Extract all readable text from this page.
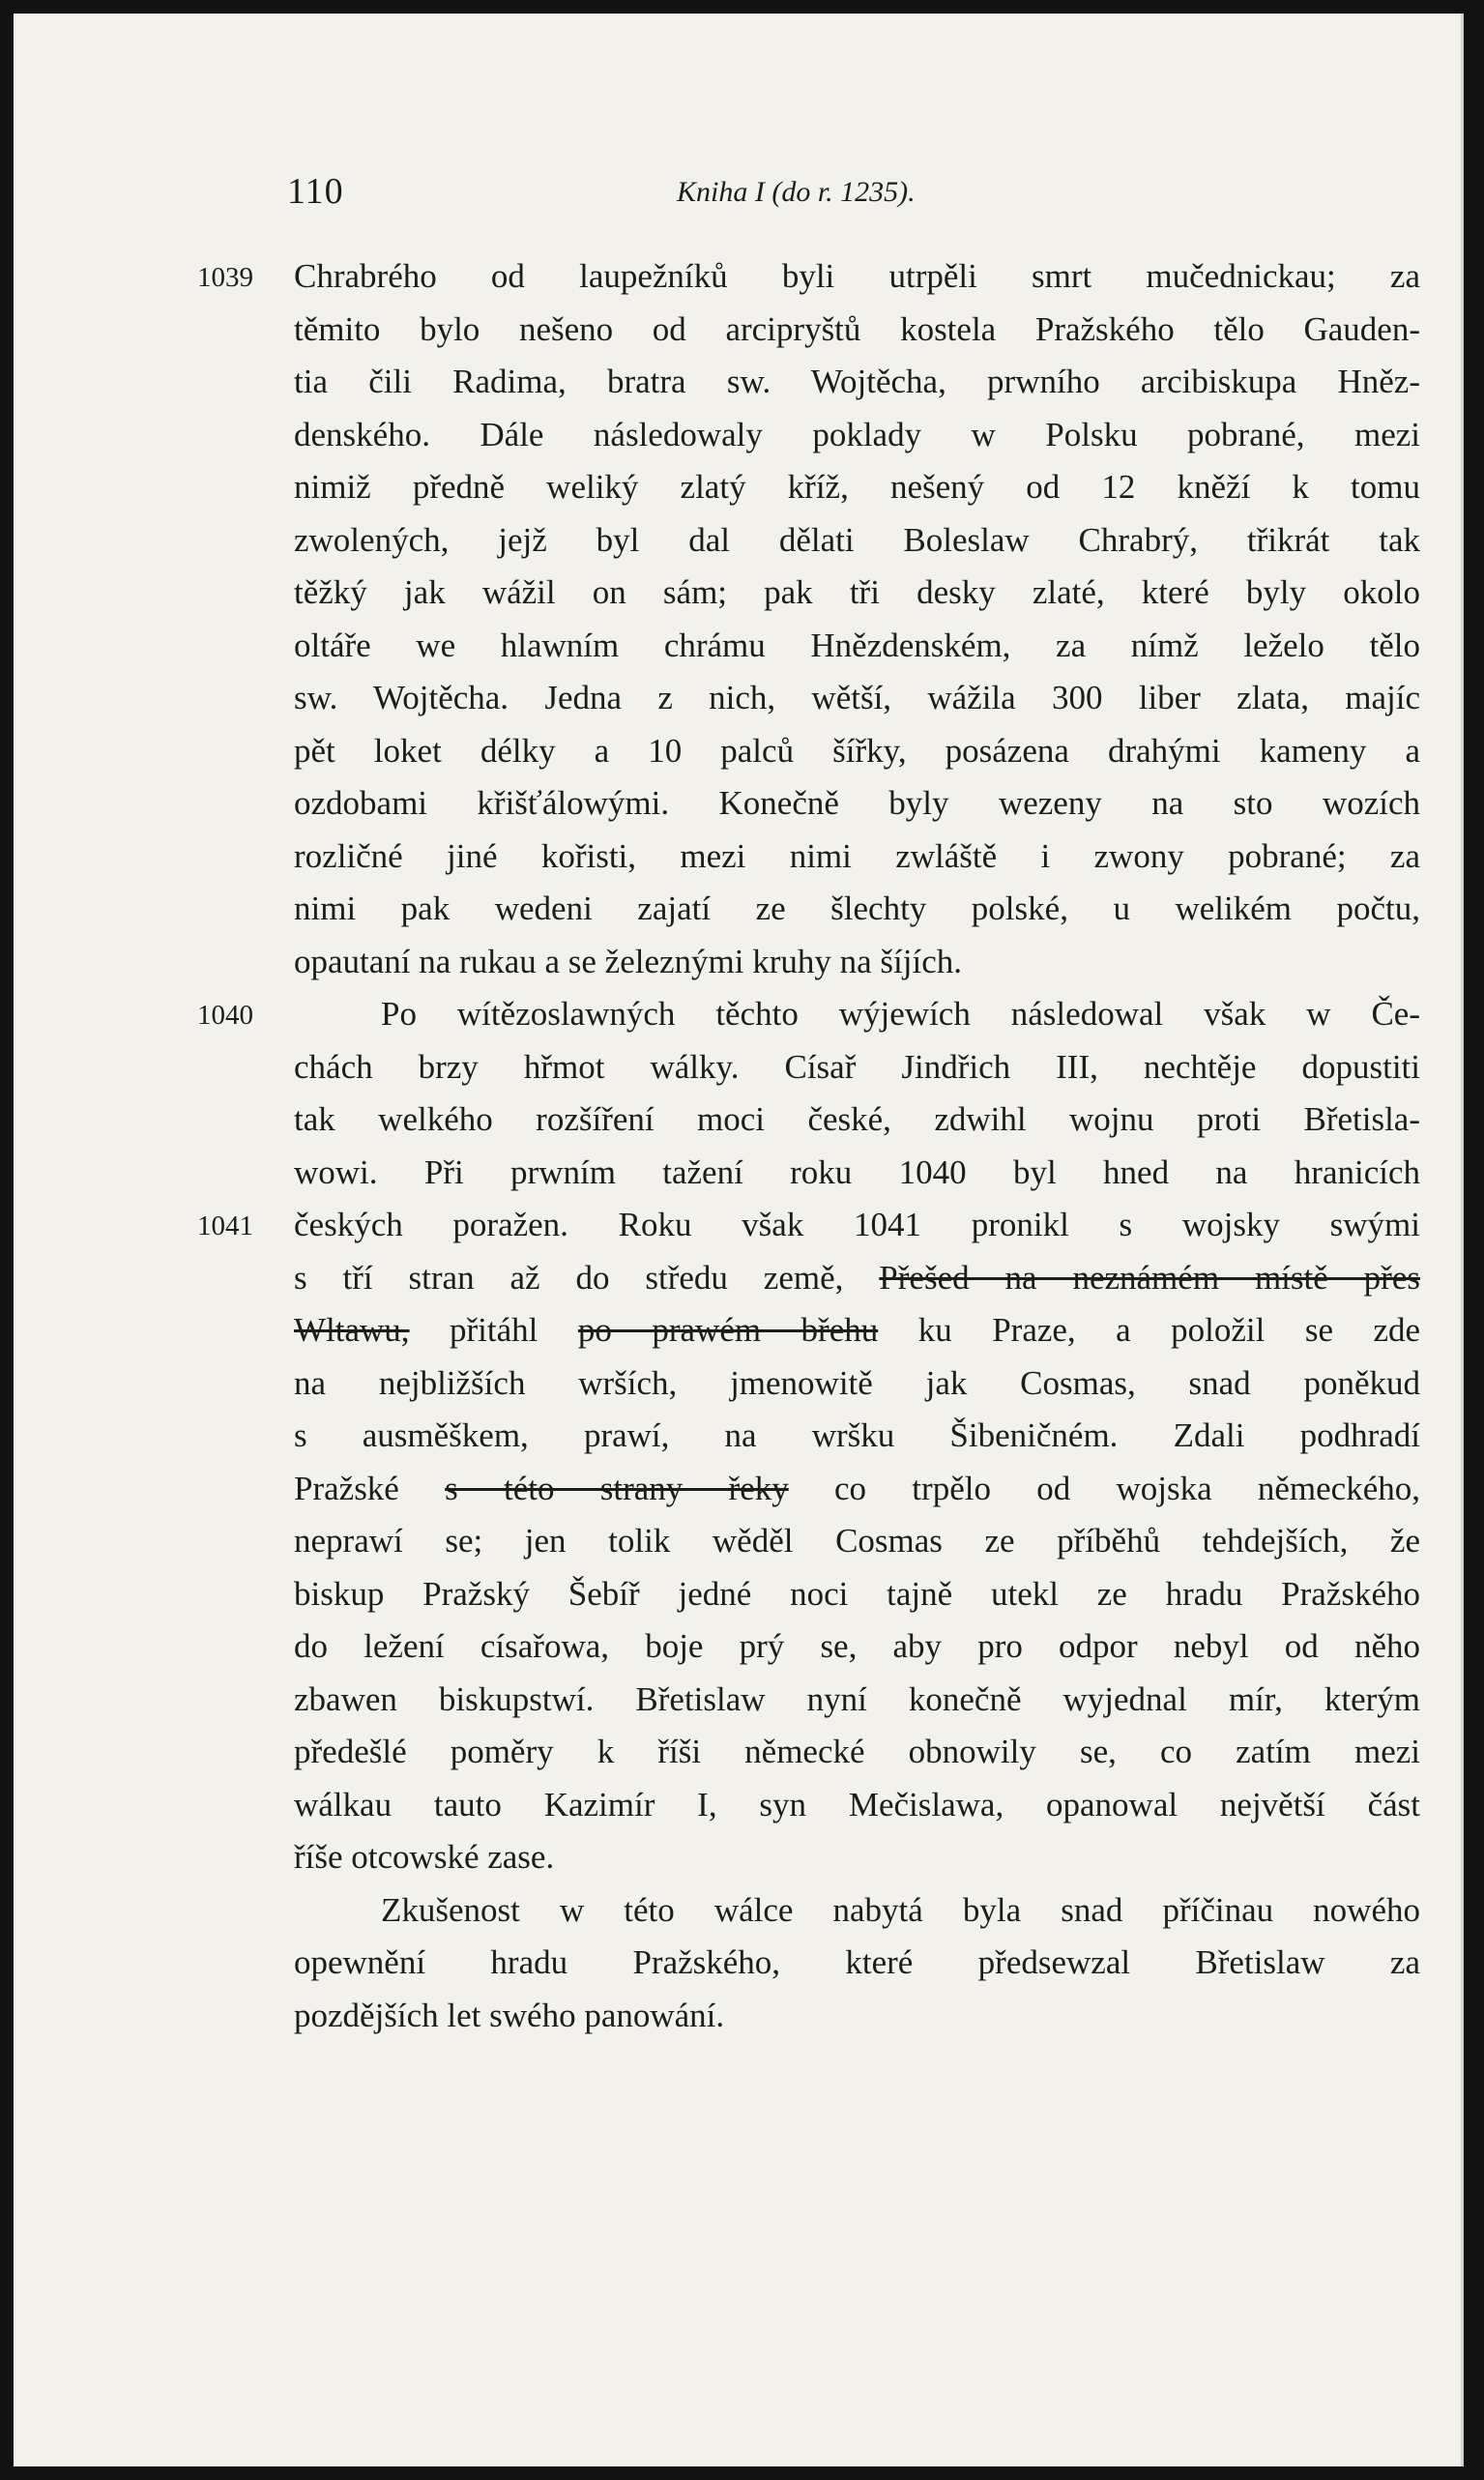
110	Kniha I (do r. 1235).
1039 Chrabrého od laupežníků byli utrpěli smrt mučednickau; za
těmito bylo nešeno od arcipryštů kostela Pražského tělo Gauden-
tia čili Radima, bratra sw. Wojtěcha, prwního arcibiskupa Hněz-
denského. Dále následowaly poklady w Polsku pobrané, mezi
nimiž předně weliký zlatý kříž, nešený od 12 kněží k tomu
zwolených, jejž byl dal dělati Boleslaw Chrabrý, třikrát tak
těžký jak wážil on sám; pak tři desky zlaté, které byly okolo
oltáře we hlawním chrámu Hnězdenském, za nímž leželo tělo
sw. Wojtěcha. Jedna z nich, wětší, wážila 300 liber zlata, majíc
pět loket délky a 10 palců šířky, posázena drahými kameny a
ozdobami křišťálowými. Konečně byly wezeny na sto wozích
rozličné jiné kořisti, mezi nimi zwláště i zwony pobrané; za
nimi pak wedeni zajatí ze šlechty polské, u welikém počtu,
opautaní na rukau a se železnými kruhy na šíjích.
1040	Po wítězoslawných těchto wýjewích následowal však w Če-
chách brzy hřmot wálky. Císař Jindřich III, nechtěje dopustiti
tak welkého rozšíření moci české, zdwihl wojnu proti Břetisla-
wowi. Při prwním tažení roku 1040 byl hned na hranicích
1041 českých poražen. Roku však 1041 pronikl s wojsky swými
s tří stran až do středu země, Přešed na neznámém místě přes
Wltawu, přitáhl po prawém břehu ku Praze, a položil se zde
na nejbližších wrších, jmenowitě jak Cosmas, snad poněkud
s ausměškem, prawí, na wršku Šibeničném. Zdali podhradí
Pražské s této strany řeky co trpělo od wojska německého,
neprawí se; jen tolik wěděl Cosmas ze příběhů tehdejších, že
biskup Pražský Šebíř jedné noci tajně utekl ze hradu Pražského
do ležení císařowa, boje prý se, aby pro odpor nebyl od něho
zbawen biskupstwí. Břetislaw nyní konečně wyjednal mír, kterým
předešlé poměry k říši německé obnowily se, co zatím mezi
wálkau tauto Kazimír I, syn Mečislawa, opanowal největší část
říše otcowské zase.
Zkušenost w této wálce nabytá byla snad příčinau nowého
opewnění hradu Pražského, které předsewzal Břetislaw za
pozdějších let swého panowání.
